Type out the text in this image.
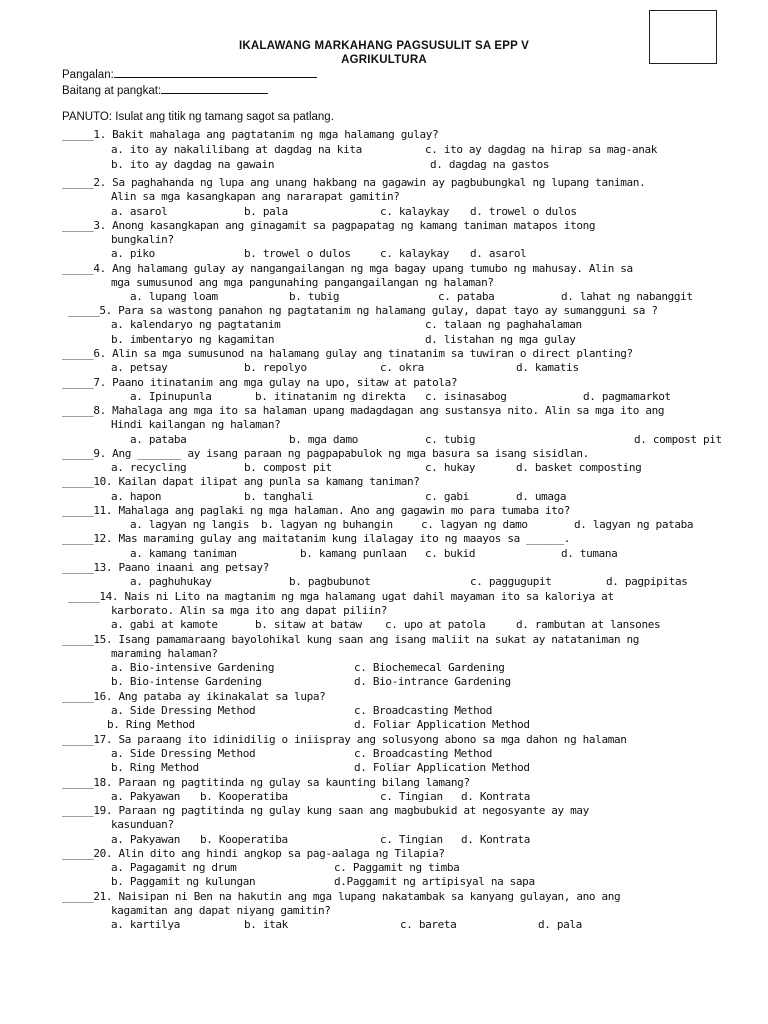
IKALAWANG MARKAHANG PAGSUSULIT SA EPP V
AGRIKULTURA
Pangalan:
Baitang at pangkat:
PANUTO: Isulat ang titik ng tamang sagot sa patlang.
_____1. Bakit mahalaga ang pagtatanim ng mga halamang gulay?
a. ito ay nakalilibang at dagdag na kita	c. ito ay dagdag na hirap sa mag-anak
b. ito ay dagdag na gawain	d. dagdag na gastos
_____2. Sa paghahanda ng lupa ang unang hakbang na gagawin ay pagbubungkal ng lupang taniman.
Alin sa mga kasangkapan ang nararapat gamitin?
a. asarol	b. pala	c. kalaykay d. trowel o dulos
_____3. Anong kasangkapan ang ginagamit sa pagpapatag ng kamang taniman matapos itong
bungkalin?
a. piko	b. trowel o dulos	c. kalaykay d. asarol
_____4. Ang halamang gulay ay nangangailangan ng mga bagay upang tumubo ng mahusay. Alin sa
mga sumusunod ang mga pangunahing pangangailangan ng halaman?
a. lupang loam	b. tubig	c. pataba	d. lahat ng nabanggit
_____5. Para sa wastong panahon ng pagtatanim ng halamang gulay, dapat tayo ay sumangguni sa ?
a. kalendaryo ng pagtatanim	c. talaan ng paghahalaman
b. imbentaryo ng kagamitan	d. listahan ng mga gulay
_____6. Alin sa mga sumusunod na halamang gulay ang tinatanim sa tuwiran o direct planting?
a. petsay	b. repolyo	c. okra	d. kamatis
_____7. Paano itinatanim ang mga gulay na upo, sitaw at patola?
a. Ipinupunla	b. itinatanim ng direkta c. isinasabog	d. pagmamarkot
_____8. Mahalaga ang mga ito sa halaman upang madagdagan ang sustansya nito. Alin sa mga ito ang
Hindi kailangan ng halaman?
a. pataba	b. mga damo	c. tubig	d. compost pit
_____9. Ang _______ ay isang paraan ng pagpapabulok ng mga basura sa isang sisidlan.
a. recycling	b. compost pit	c. hukay	d. basket composting
_____10. Kailan dapat ilipat ang punla sa kamang taniman?
a. hapon	b. tanghali	c. gabi	d. umaga
_____11. Mahalaga ang paglaki ng mga halaman. Ano ang gagawin mo para tumaba ito?
a. lagyan ng langis b. lagyan ng buhangin	c. lagyan ng damo	d. lagyan ng pataba
_____12. Mas maraming gulay ang maitatanim kung ilalagay ito ng maayos sa ______.
a. kamang taniman	b. kamang punlaan c. bukid	d. tumana
_____13. Paano inaani ang petsay?
a. paghuhukay	b. pagbubunot	c. paggugupit	d. pagpipitas
_____14. Nais ni Lito na magtanim ng mga halamang ugat dahil mayaman ito sa kaloriya at
karborato. Alin sa mga ito ang dapat piliin?
a. gabi at kamote	b. sitaw at bataw c. upo at patola	d. rambutan at lansones
_____15. Isang pamamaraang bayolohikal kung saan ang isang maliit na sukat ay natataniman ng
maraming halaman?
a. Bio-intensive Gardening	c. Biochemecal Gardening
b. Bio-intense Gardening	d. Bio-intrance Gardening
_____16. Ang pataba ay ikinakalat sa lupa?
a. Side Dressing Method	c. Broadcasting Method
b. Ring Method	d. Foliar Application Method
_____17. Sa paraang ito idinidilig o iniispray ang solusyong abono sa mga dahon ng halaman
a. Side Dressing Method	c. Broadcasting Method
b. Ring Method	d. Foliar Application Method
_____18. Paraan ng pagtitinda ng gulay sa kaunting bilang lamang?
a. Pakyawan b. Kooperatiba	c. Tingian d. Kontrata
_____19. Paraan ng pagtitinda ng gulay kung saan ang magbubukid at negosyante ay may
kasunduan?
a. Pakyawan b. Kooperatiba	c. Tingian d. Kontrata
_____20. Alin dito ang hindi angkop sa pag-aalaga ng Tilapia?
a. Pagagamit ng drum	c. Paggamit ng timba
b. Paggamit ng kulungan	d.Paggamit ng artipisyal na sapa
_____21. Naisipan ni Ben na hakutin ang mga lupang nakatambak sa kanyang gulayan, ano ang
kagamitan ang dapat niyang gamitin?
a. kartilya	b. itak	c. bareta	d. pala
